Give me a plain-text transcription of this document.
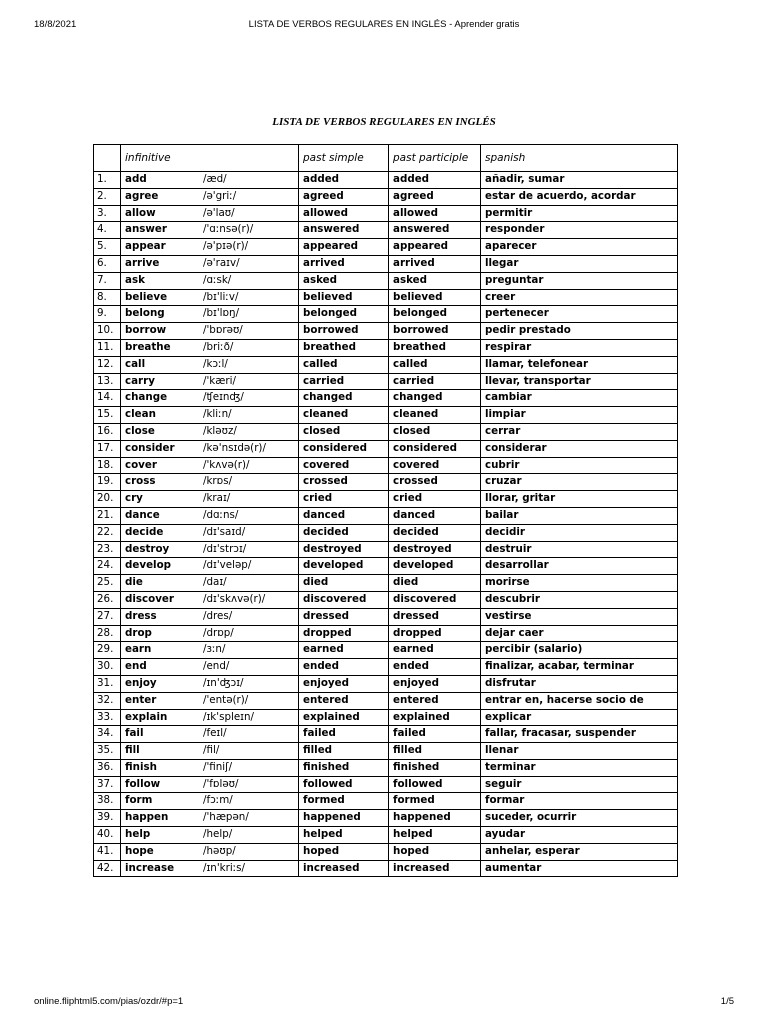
18/8/2021	LISTA DE VERBOS REGULARES EN INGLÉS - Aprender gratis
LISTA DE VERBOS REGULARES EN INGLÉS
	infinitive	past simple	past participle	spanish
1.	add /æd/	added	added	añadir, sumar
2.	agree /ə'griː/	agreed	agreed	estar de acuerdo, acordar
3.	allow /ə'laʊ/	allowed	allowed	permitir
4.	answer /'ɑːnsə(r)/	answered	answered	responder
5.	appear /ə'pɪə(r)/	appeared	appeared	aparecer
6.	arrive /ə'raɪv/	arrived	arrived	llegar
7.	ask /ɑːsk/	asked	asked	preguntar
8.	believe /bɪ'liːv/	believed	believed	creer
9.	belong /bɪ'lɒŋ/	belonged	belonged	pertenecer
10.	borrow /'bɒrəʊ/	borrowed	borrowed	pedir prestado
11.	breathe /briːð/	breathed	breathed	respirar
12.	call /kɔːl/	called	called	llamar, telefonear
13.	carry /'kæri/	carried	carried	llevar, transportar
14.	change /ʧeɪnʤ/	changed	changed	cambiar
15.	clean /kliːn/	cleaned	cleaned	limpiar
16.	close /kləʊz/	closed	closed	cerrar
17.	consider /kə'nsɪdə(r)/	considered	considered	considerar
18.	cover /'kʌvə(r)/	covered	covered	cubrir
19.	cross /krɒs/	crossed	crossed	cruzar
20.	cry /kraɪ/	cried	cried	llorar, gritar
21.	dance /dɑːns/	danced	danced	bailar
22.	decide /dɪ'saɪd/	decided	decided	decidir
23.	destroy /dɪ'strɔɪ/	destroyed	destroyed	destruir
24.	develop /dɪ'veləp/	developed	developed	desarrollar
25.	die /daɪ/	died	died	morirse
26.	discover /dɪ'skʌvə(r)/	discovered	discovered	descubrir
27.	dress /dres/	dressed	dressed	vestirse
28.	drop /drɒp/	dropped	dropped	dejar caer
29.	earn /ɜːn/	earned	earned	percibir (salario)
30.	end /end/	ended	ended	finalizar, acabar, terminar
31.	enjoy /ɪn'ʤɔɪ/	enjoyed	enjoyed	disfrutar
32.	enter /'entə(r)/	entered	entered	entrar en, hacerse socio de
33.	explain /ɪk'spleɪn/	explained	explained	explicar
34.	fail /feɪl/	failed	failed	fallar, fracasar, suspender
35.	fill /fil/	filled	filled	llenar
36.	finish /'finiʃ/	finished	finished	terminar
37.	follow /'fɒləʊ/	followed	followed	seguir
38.	form /fɔːm/	formed	formed	formar
39.	happen /'hæpən/	happened	happened	suceder, ocurrir
40.	help /help/	helped	helped	ayudar
41.	hope /həʊp/	hoped	hoped	anhelar, esperar
42.	increase /ɪn'kriːs/	increased	increased	aumentar
online.fliphtml5.com/pias/ozdr/#p=1	1/5
